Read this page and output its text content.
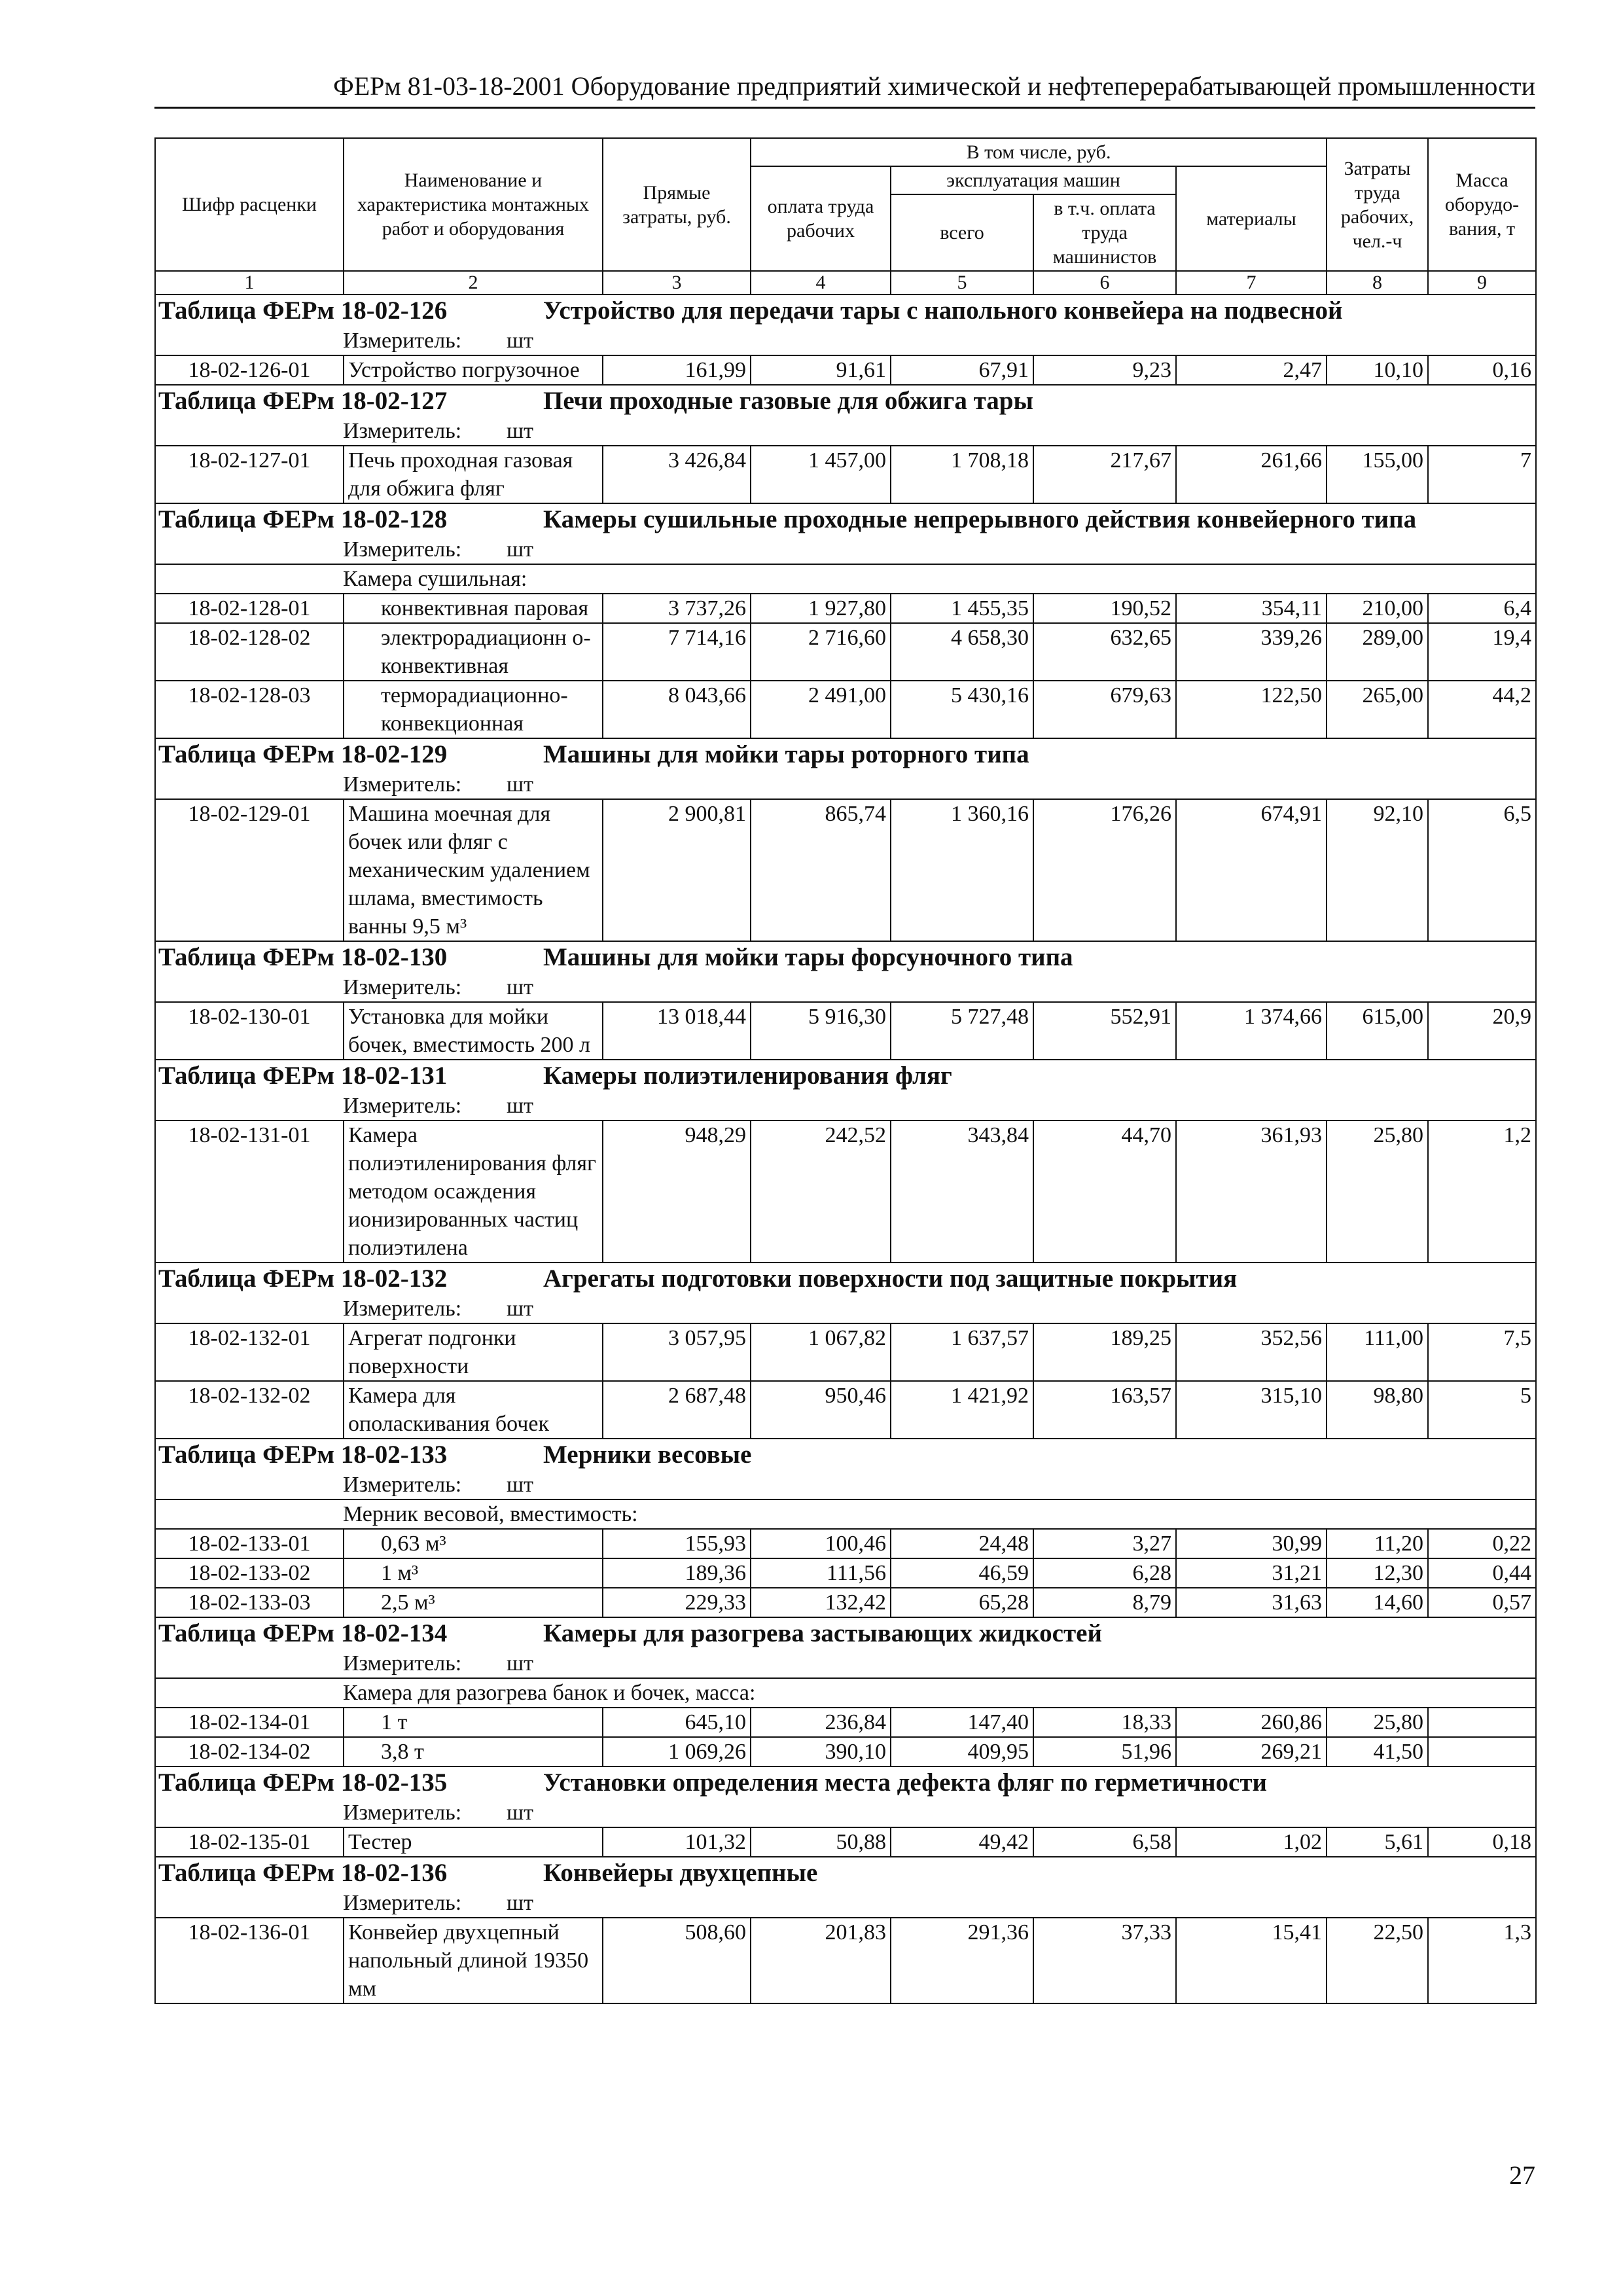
ФЕРм 81-03-18-2001 Оборудование предприятий химической и нефтеперерабатывающей промышленности
Шифр расценки	Наименование и характеристика монтажных работ и оборудования	Прямые затраты, руб.	В том числе, руб.				Затраты труда рабочих, чел.-ч	Масса оборудо-вания, т
			оплата труда рабочих	эксплуатация машин		материалы		
				всего	в т.ч. оплата труда машинистов			
1	2	3	4	5	6	7	8	9
Таблица ФЕРм 18-02-126 Устройство для передачи тары с напольного конвейера на подвесной								
Измеритель: шт								
18-02-126-01	Устройство погрузочное	161,99	91,61	67,91	9,23	2,47	10,10	0,16
Таблица ФЕРм 18-02-127 Печи проходные газовые для обжига тары								
Измеритель: шт								
18-02-127-01	Печь проходная газовая для обжига фляг	3 426,84	1 457,00	1 708,18	217,67	261,66	155,00	7
Таблица ФЕРм 18-02-128 Камеры сушильные проходные непрерывного действия конвейерного типа								
Измеритель: шт								
Камера сушильная:								
18-02-128-01	конвективная паровая	3 737,26	1 927,80	1 455,35	190,52	354,11	210,00	6,4
18-02-128-02	электрорадиационн о-конвективная	7 714,16	2 716,60	4 658,30	632,65	339,26	289,00	19,4
18-02-128-03	терморадиационно-конвекционная	8 043,66	2 491,00	5 430,16	679,63	122,50	265,00	44,2
Таблица ФЕРм 18-02-129 Машины для мойки тары роторного типа								
Измеритель: шт								
18-02-129-01	Машина моечная для бочек или фляг с механическим удалением шлама, вместимость ванны 9,5 м³	2 900,81	865,74	1 360,16	176,26	674,91	92,10	6,5
Таблица ФЕРм 18-02-130 Машины для мойки тары форсуночного типа								
Измеритель: шт								
18-02-130-01	Установка для мойки бочек, вместимость 200 л	13 018,44	5 916,30	5 727,48	552,91	1 374,66	615,00	20,9
Таблица ФЕРм 18-02-131 Камеры полиэтиленирования фляг								
Измеритель: шт								
18-02-131-01	Камера полиэтиленирования фляг методом осаждения ионизированных частиц полиэтилена	948,29	242,52	343,84	44,70	361,93	25,80	1,2
Таблица ФЕРм 18-02-132 Агрегаты подготовки поверхности под защитные покрытия								
Измеритель: шт								
18-02-132-01	Агрегат подгонки поверхности	3 057,95	1 067,82	1 637,57	189,25	352,56	111,00	7,5
18-02-132-02	Камера для ополаскивания бочек	2 687,48	950,46	1 421,92	163,57	315,10	98,80	5
Таблица ФЕРм 18-02-133 Мерники весовые								
Измеритель: шт								
Мерник весовой, вместимость:								
18-02-133-01	0,63 м³	155,93	100,46	24,48	3,27	30,99	11,20	0,22
18-02-133-02	1 м³	189,36	111,56	46,59	6,28	31,21	12,30	0,44
18-02-133-03	2,5 м³	229,33	132,42	65,28	8,79	31,63	14,60	0,57
Таблица ФЕРм 18-02-134 Камеры для разогрева застывающих жидкостей								
Измеритель: шт								
Камера для разогрева банок и бочек, масса:								
18-02-134-01	1 т	645,10	236,84	147,40	18,33	260,86	25,80	
18-02-134-02	3,8 т	1 069,26	390,10	409,95	51,96	269,21	41,50	
Таблица ФЕРм 18-02-135 Установки определения места дефекта фляг по герметичности								
Измеритель: шт								
18-02-135-01	Тестер	101,32	50,88	49,42	6,58	1,02	5,61	0,18
Таблица ФЕРм 18-02-136 Конвейеры двухцепные								
Измеритель: шт								
18-02-136-01	Конвейер двухцепный напольный длиной 19350 мм	508,60	201,83	291,36	37,33	15,41	22,50	1,3
27
